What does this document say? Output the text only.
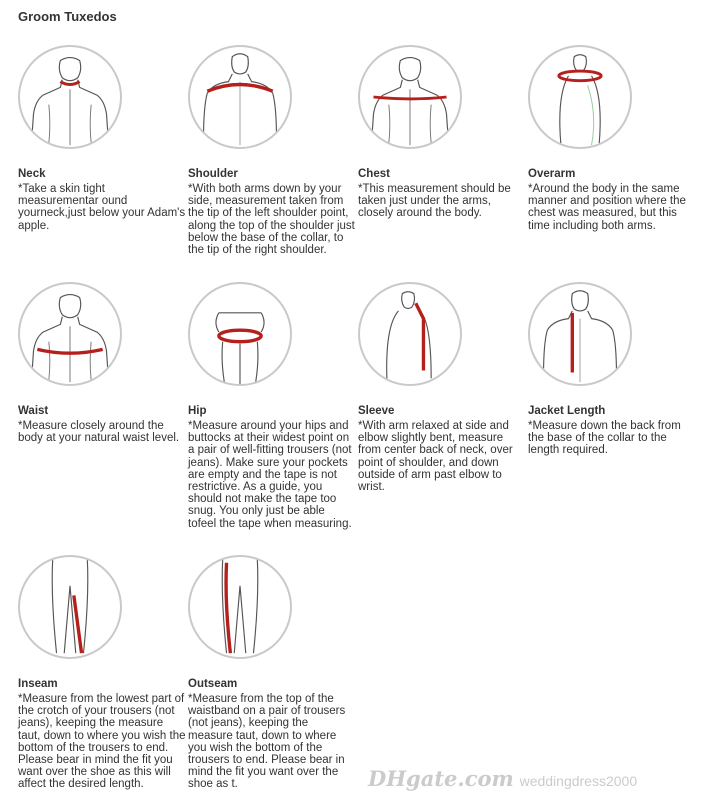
Groom Tuxedos
Neck
*Take a skin tight measurementar ound yourneck,just below your Adam's apple.
Shoulder
*With both arms down by your side, measurement taken from the tip of the left shoulder point, along the top of the shoulder just below the base of the collar, to the tip of the right shoulder.
Chest
*This measurement should be taken just under the arms, closely around the body.
Overarm
*Around the body in the same manner and position where the chest was measured, but this time including both arms.
Waist
*Measure closely around the body at your natural waist level.
Hip
*Measure around your hips and buttocks at their widest point on a pair of well-fitting trousers (not jeans). Make sure your pockets are empty and the tape is not restrictive. As a guide, you should not make the tape too snug. You only just be able tofeel the tape when measuring.
Sleeve
*With arm relaxed at side and elbow slightly bent, measure from center back of neck, over point of shoulder, and down outside of arm past elbow to wrist.
Jacket Length
*Measure down the back from the base of the collar to the length required.
Inseam
*Measure from the lowest part of the crotch of your trousers (not jeans), keeping the measure taut, down to where you wish the bottom of the trousers to end. Please bear in mind the fit you want over the shoe as this will affect the desired length.
Outseam
*Measure from the top of the waistband on a pair of trousers (not jeans), keeping the measure taut, down to where you wish the bottom of the trousers to end. Please bear in mind the fit you want over the shoe as t.	DHgate.com weddingdress2000
